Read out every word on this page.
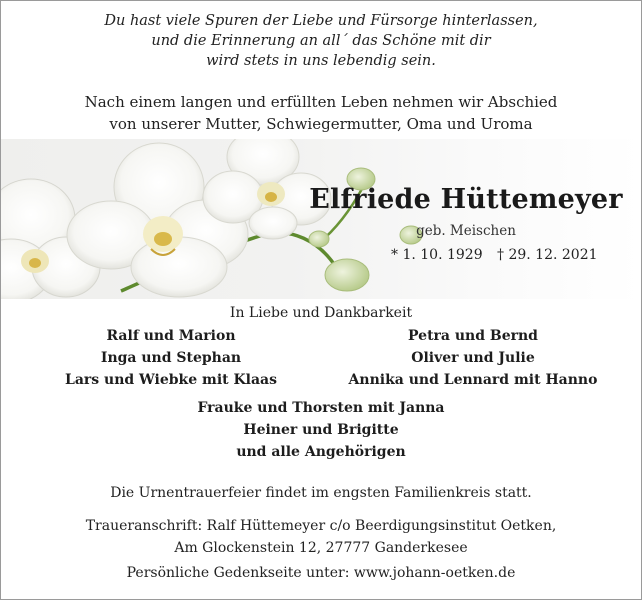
Du hast viele Spuren der Liebe und Fürsorge hinterlassen,
und die Erinnerung an all´ das Schöne mit dir
wird stets in uns lebendig sein.
Nach einem langen und erfüllten Leben nehmen wir Abschied
von unserer Mutter, Schwiegermutter, Oma und Uroma
Elfriede Hüttemeyer
geb. Meischen
* 1. 10. 1929 † 29. 12. 2021
In Liebe und Dankbarkeit
Ralf und Marion
Inga und Stephan
Lars und Wiebke mit Klaas
Petra und Bernd
Oliver und Julie
Annika und Lennard mit Hanno
Frauke und Thorsten mit Janna
Heiner und Brigitte
und alle Angehörigen
Die Urnentrauerfeier findet im engsten Familienkreis statt.
Traueranschrift: Ralf Hüttemeyer c/o Beerdigungsinstitut Oetken,
Am Glockenstein 12, 27777 Ganderkesee
Persönliche Gedenkseite unter: www.johann-oetken.de
